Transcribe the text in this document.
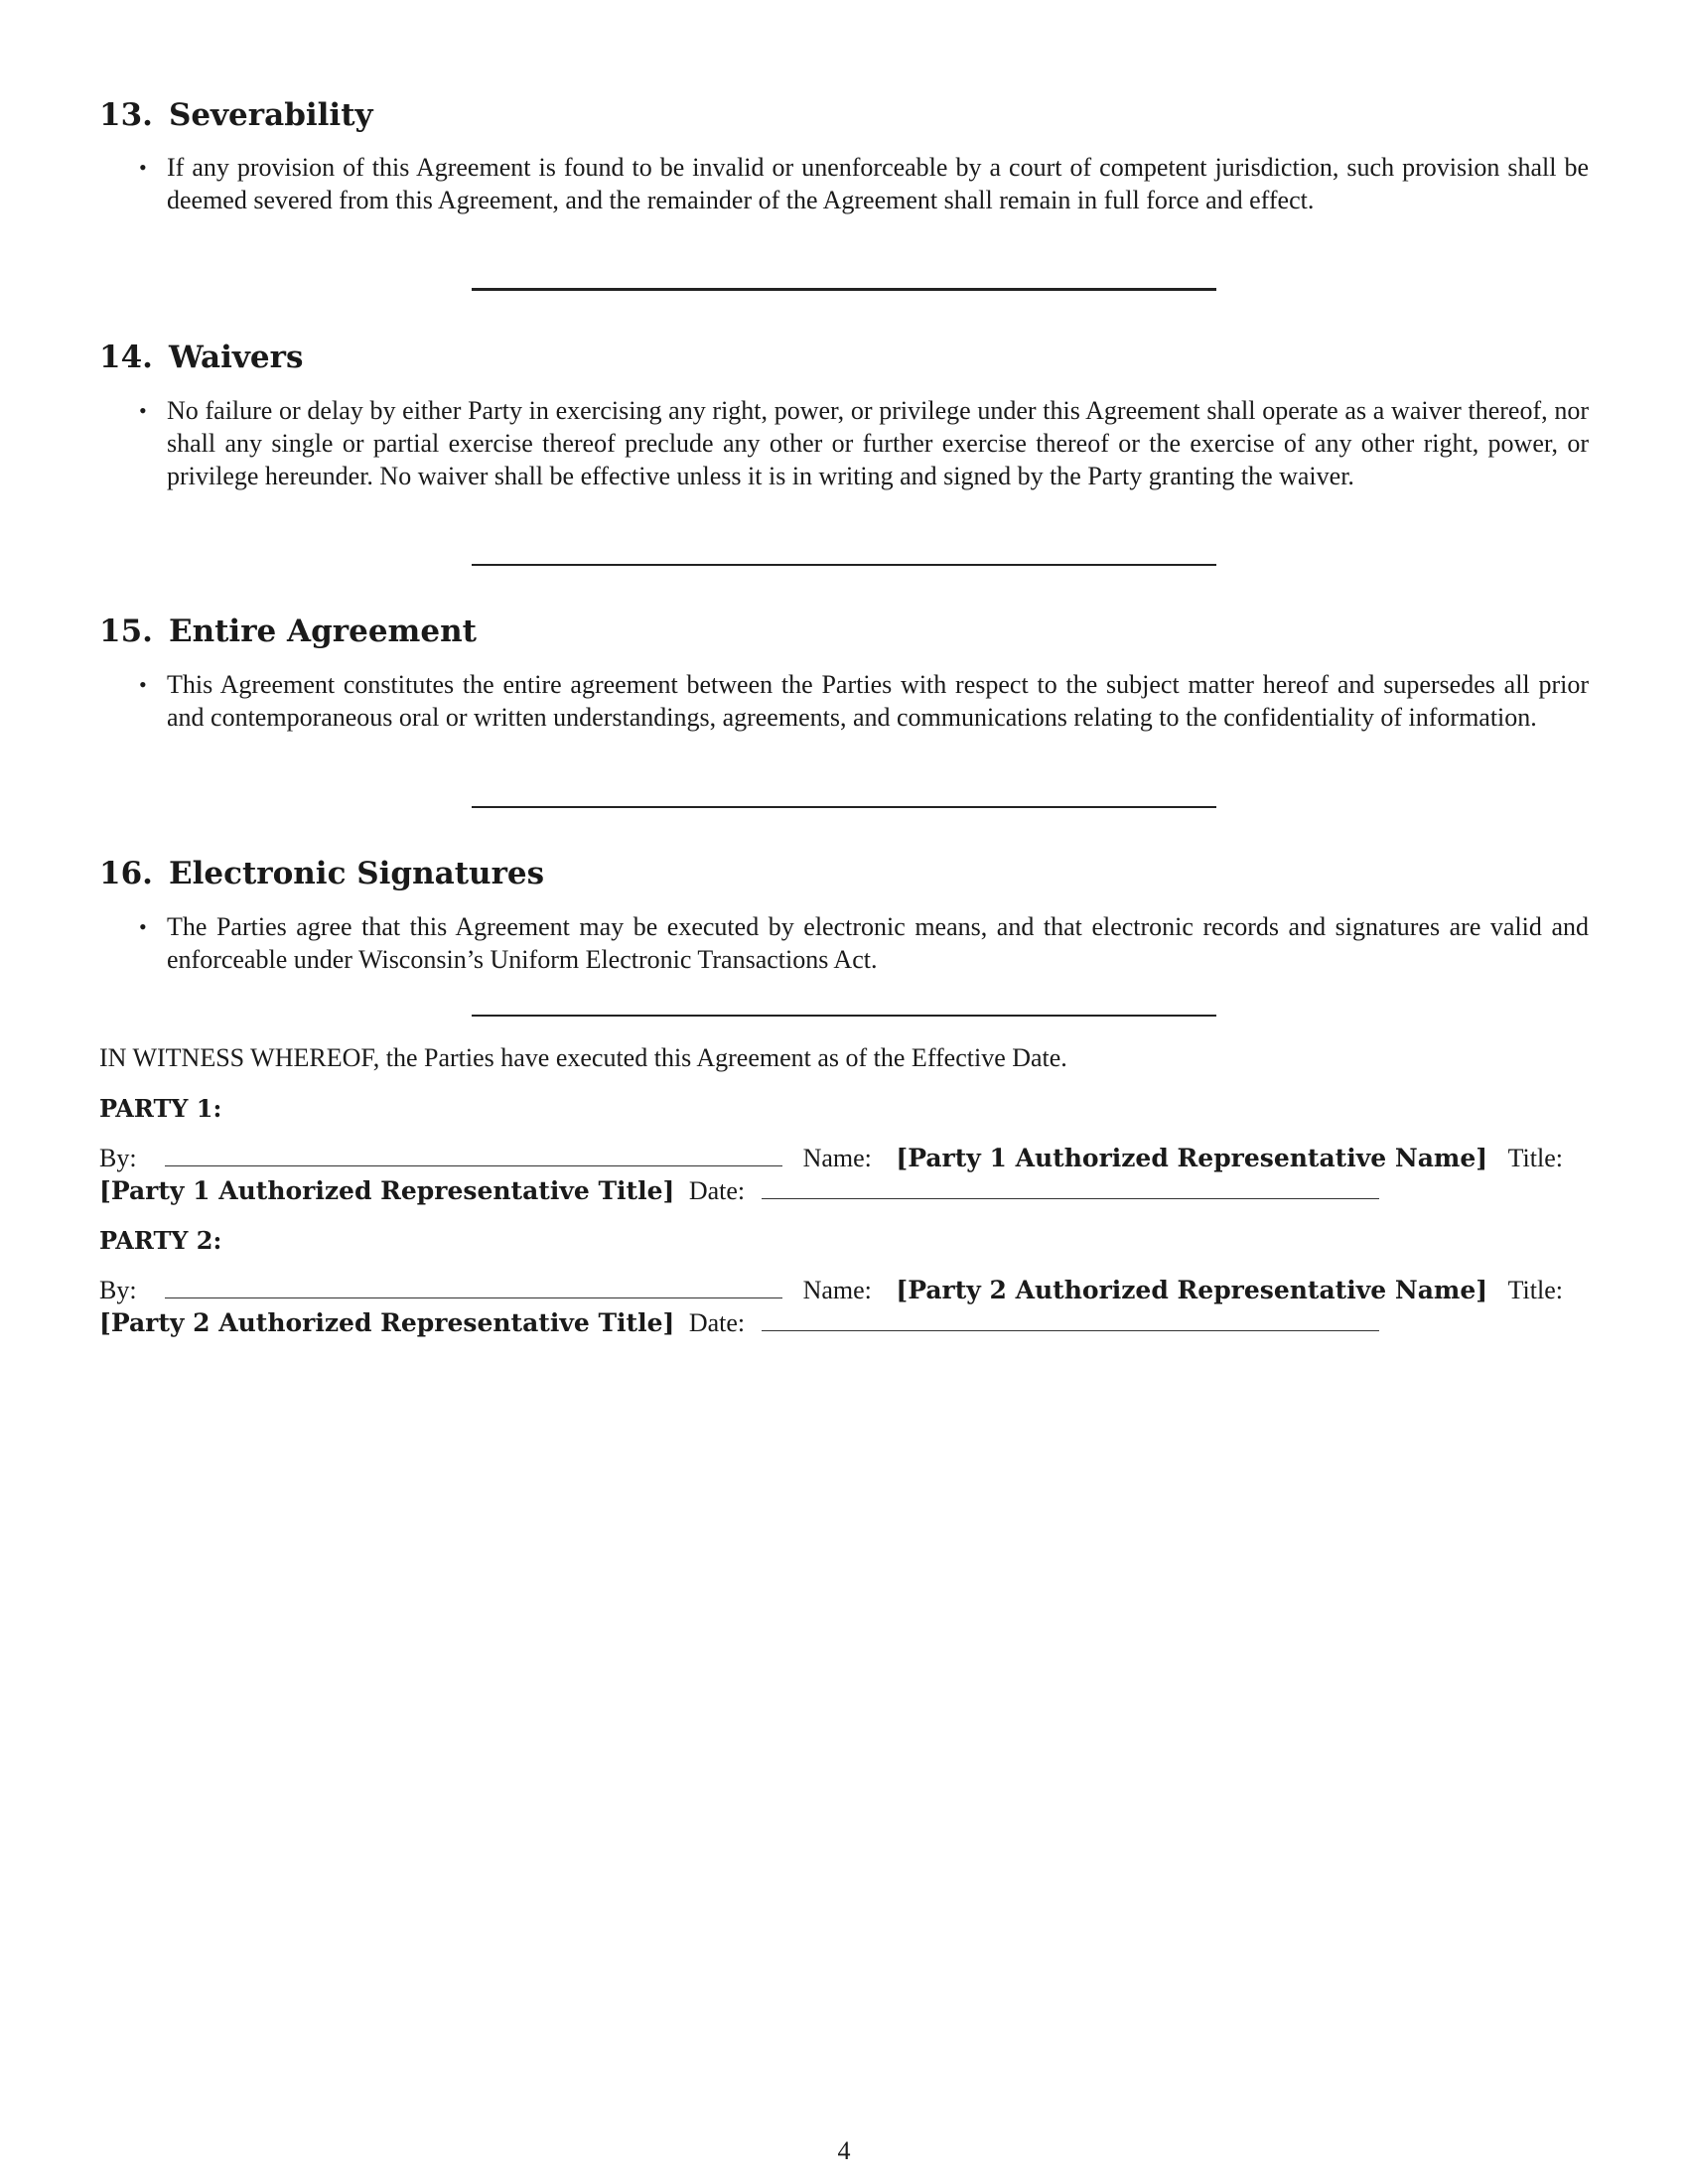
13. Severability
• If any provision of this Agreement is found to be invalid or unenforceable by a court of competent jurisdiction, such provision shall be deemed severed from this Agreement, and the remainder of the Agreement shall remain in full force and effect.
14. Waivers
• No failure or delay by either Party in exercising any right, power, or privilege under this Agreement shall operate as a waiver thereof, nor shall any single or partial exercise thereof preclude any other or further exercise thereof or the exercise of any other right, power, or privilege hereunder. No waiver shall be effective unless it is in writing and signed by the Party granting the waiver.
15. Entire Agreement
• This Agreement constitutes the entire agreement between the Parties with respect to the subject matter hereof and supersedes all prior and contemporaneous oral or written understandings, agreements, and communications relating to the confidentiality of information.
16. Electronic Signatures
• The Parties agree that this Agreement may be executed by electronic means, and that electronic records and signatures are valid and enforceable under Wisconsin’s Uniform Electronic Transactions Act.
IN WITNESS WHEREOF, the Parties have executed this Agreement as of the Effective Date.
PARTY 1:
By:	Name: [Party 1 Authorized Representative Name] Title:
[Party 1 Authorized Representative Title] Date:
PARTY 2:
By:	Name: [Party 2 Authorized Representative Name] Title:
[Party 2 Authorized Representative Title] Date:
4
